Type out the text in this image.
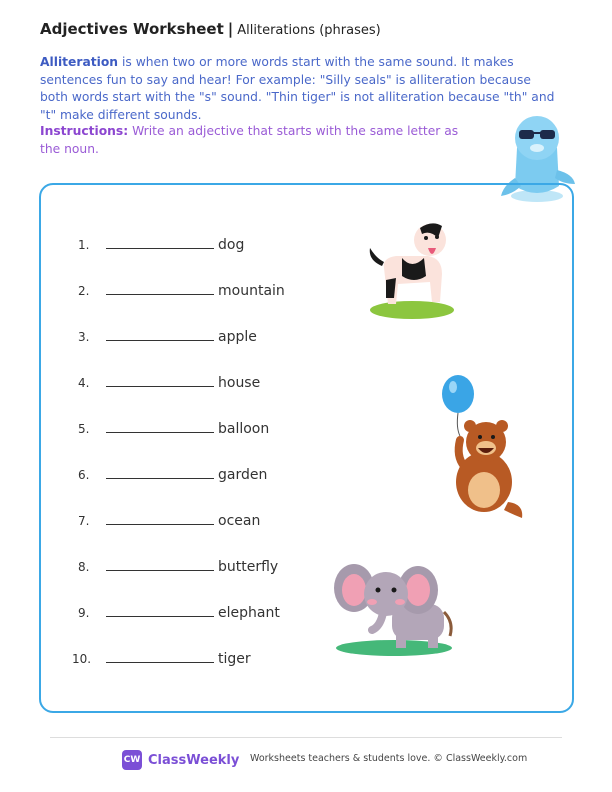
Adjectives Worksheet | Alliterations (phrases)
Alliteration is when two or more words start with the same sound. It makes sentences fun to say and hear! For example: "Silly seals" is alliteration because both words start with the "s" sound. "Thin tiger" is not alliteration because "th" and "t" make different sounds.
Instructions: Write an adjective that starts with the same letter as the noun.
1.	dog
2.	mountain
3.	apple
4.	house
5.	balloon
6.	garden
7.	ocean
8.	butterfly
9.	elephant
10.	tiger
CW ClassWeekly Worksheets teachers & students love. © ClassWeekly.com
